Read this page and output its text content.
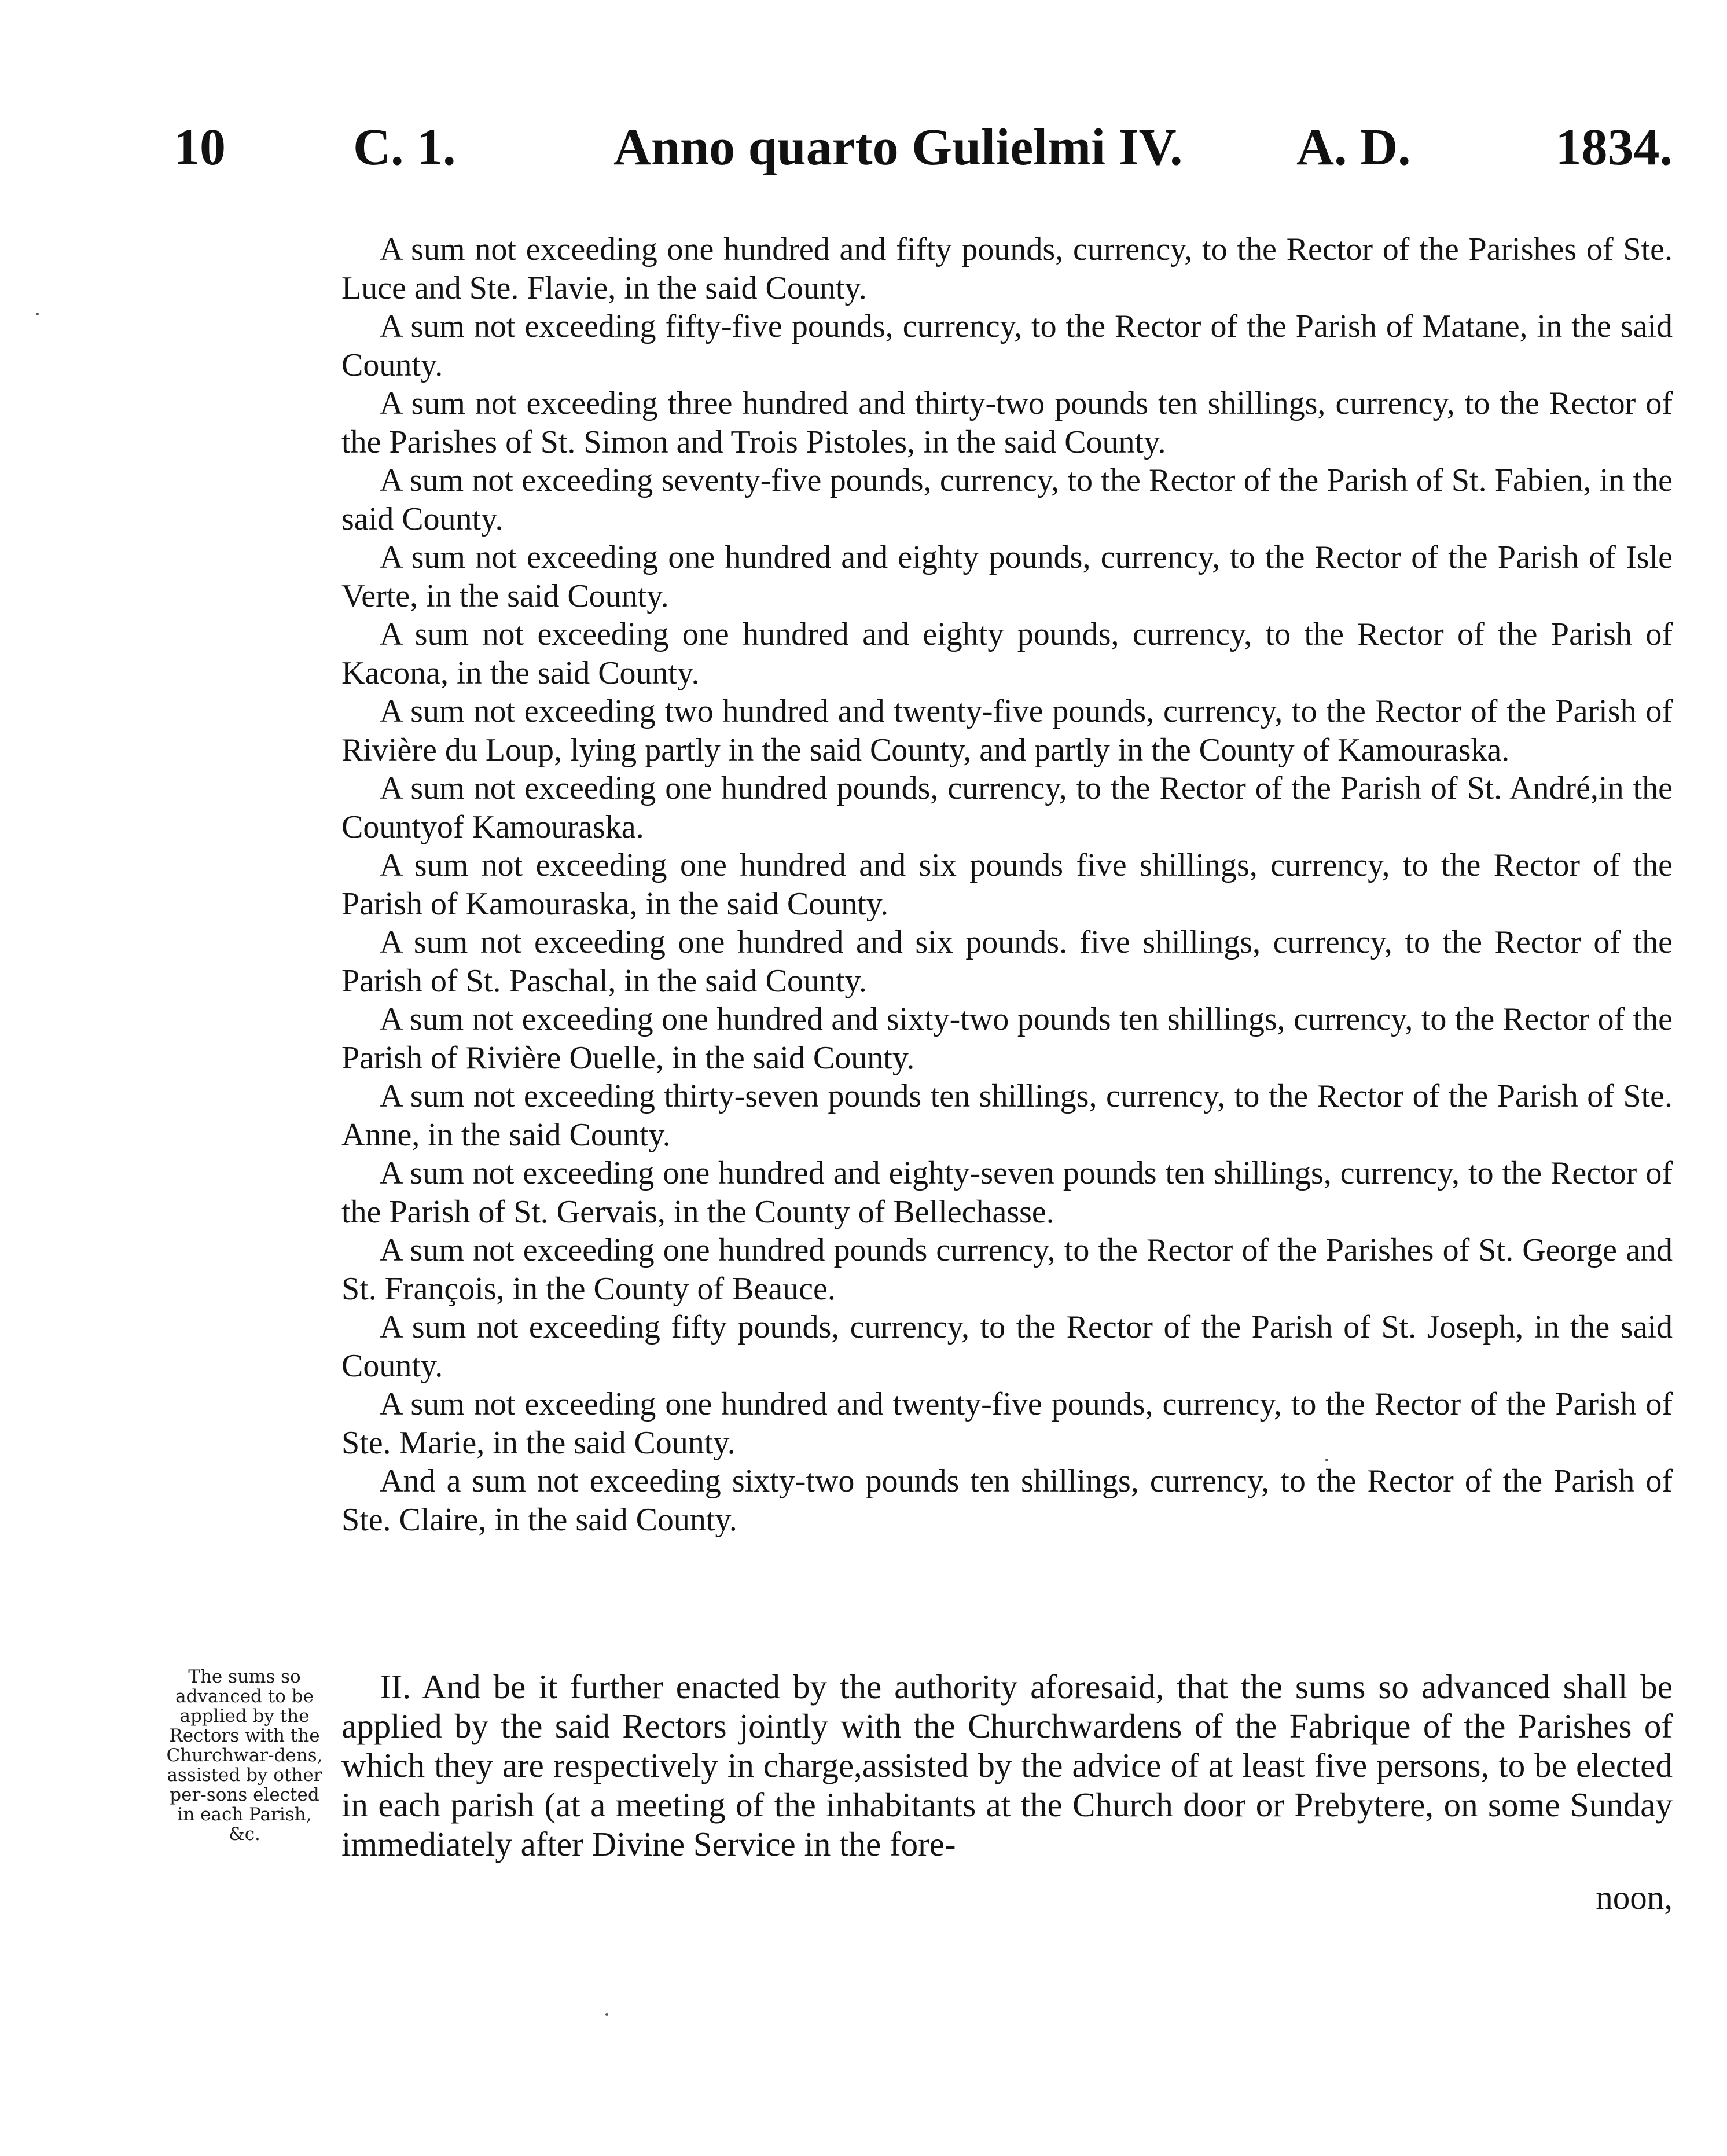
10 C. 1.	Anno quarto Gulielmi IV. A. D.	1834.

A sum not exceeding one hundred and fifty pounds, currency, to the Rector of the Parishes of Ste. Luce and Ste. Flavie, in the said County.

A sum not exceeding fifty-five pounds, currency, to the Rector of the Parish of Matane, in the said County.

A sum not exceeding three hundred and thirty-two pounds ten shillings, currency, to the Rector of the Parishes of St. Simon and Trois Pistoles, in the said County.

A sum not exceeding seventy-five pounds, currency, to the Rector of the Parish of St. Fabien, in the said County.

A sum not exceeding one hundred and eighty pounds, currency, to the Rector of the Parish of Isle Verte, in the said County.

A sum not exceeding one hundred and eighty pounds, currency, to the Rector of the Parish of Kacona, in the said County.

A sum not exceeding two hundred and twenty-five pounds, currency, to the Rector of the Parish of Rivière du Loup, lying partly in the said County, and partly in the County of Kamouraska.

A sum not exceeding one hundred pounds, currency, to the Rector of the Parish of St. André,in the Countyof Kamouraska.

A sum not exceeding one hundred and six pounds five shillings, currency, to the Rector of the Parish of Kamouraska, in the said County.

A sum not exceeding one hundred and six pounds. five shillings, currency, to the Rector of the Parish of St. Paschal, in the said County.

A sum not exceeding one hundred and sixty-two pounds ten shillings, currency, to the Rector of the Parish of Rivière Ouelle, in the said County.

A sum not exceeding thirty-seven pounds ten shillings, currency, to the Rector of the Parish of Ste. Anne, in the said County.

A sum not exceeding one hundred and eighty-seven pounds ten shillings, currency, to the Rector of the Parish of St. Gervais, in the County of Bellechasse.

A sum not exceeding one hundred pounds currency, to the Rector of the Parishes of St. George and St. François, in the County of Beauce.

A sum not exceeding fifty pounds, currency, to the Rector of the Parish of St. Joseph, in the said County.

A sum not exceeding one hundred and twenty-five pounds, currency, to the Rector of the Parish of Ste. Marie, in the said County.

And a sum not exceeding sixty-two pounds ten shillings, currency, to the Rector of the Parish of Ste. Claire, in the said County.

The sums so advanced to be applied by the Rectors with the Churchwar-dens, assisted by other per-sons elected in each Parish, &c.

II. And be it further enacted by the authority aforesaid, that the sums so advanced shall be applied by the said Rectors jointly with the Churchwardens of the Fabrique of the Parishes of which they are respectively in charge,assisted by the advice of at least five persons, to be elected in each parish (at a meeting of the inhabitants at the Church door or Prebytere, on some Sunday immediately after Divine Service in the fore-

noon,
